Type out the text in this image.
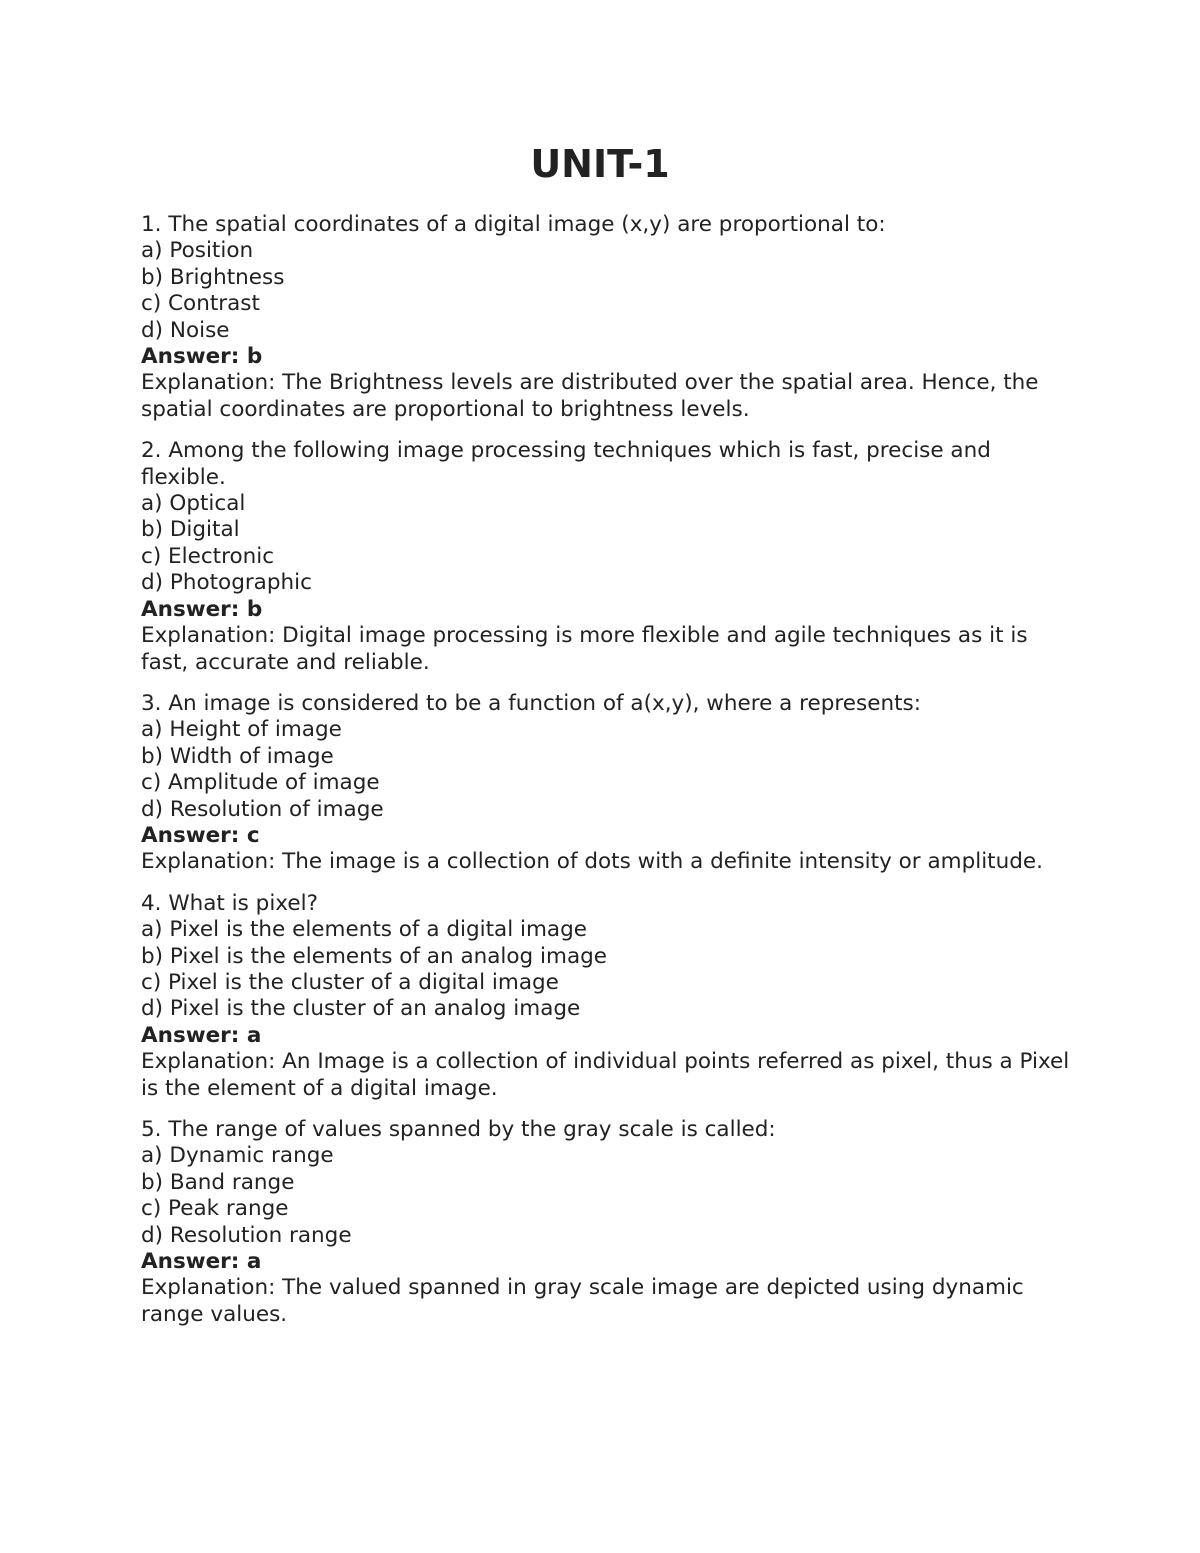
UNIT-1
1. The spatial coordinates of a digital image (x,y) are proportional to:
a) Position
b) Brightness
c) Contrast
d) Noise
Answer: b
Explanation: The Brightness levels are distributed over the spatial area. Hence, the spatial coordinates are proportional to brightness levels.
2. Among the following image processing techniques which is fast, precise and flexible.
a) Optical
b) Digital
c) Electronic
d) Photographic
Answer: b
Explanation: Digital image processing is more flexible and agile techniques as it is fast, accurate and reliable.
3. An image is considered to be a function of a(x,y), where a represents:
a) Height of image
b) Width of image
c) Amplitude of image
d) Resolution of image
Answer: c
Explanation: The image is a collection of dots with a definite intensity or amplitude.
4. What is pixel?
a) Pixel is the elements of a digital image
b) Pixel is the elements of an analog image
c) Pixel is the cluster of a digital image
d) Pixel is the cluster of an analog image
Answer: a
Explanation: An Image is a collection of individual points referred as pixel, thus a Pixel is the element of a digital image.
5. The range of values spanned by the gray scale is called:
a) Dynamic range
b) Band range
c) Peak range
d) Resolution range
Answer: a
Explanation: The valued spanned in gray scale image are depicted using dynamic range values.
